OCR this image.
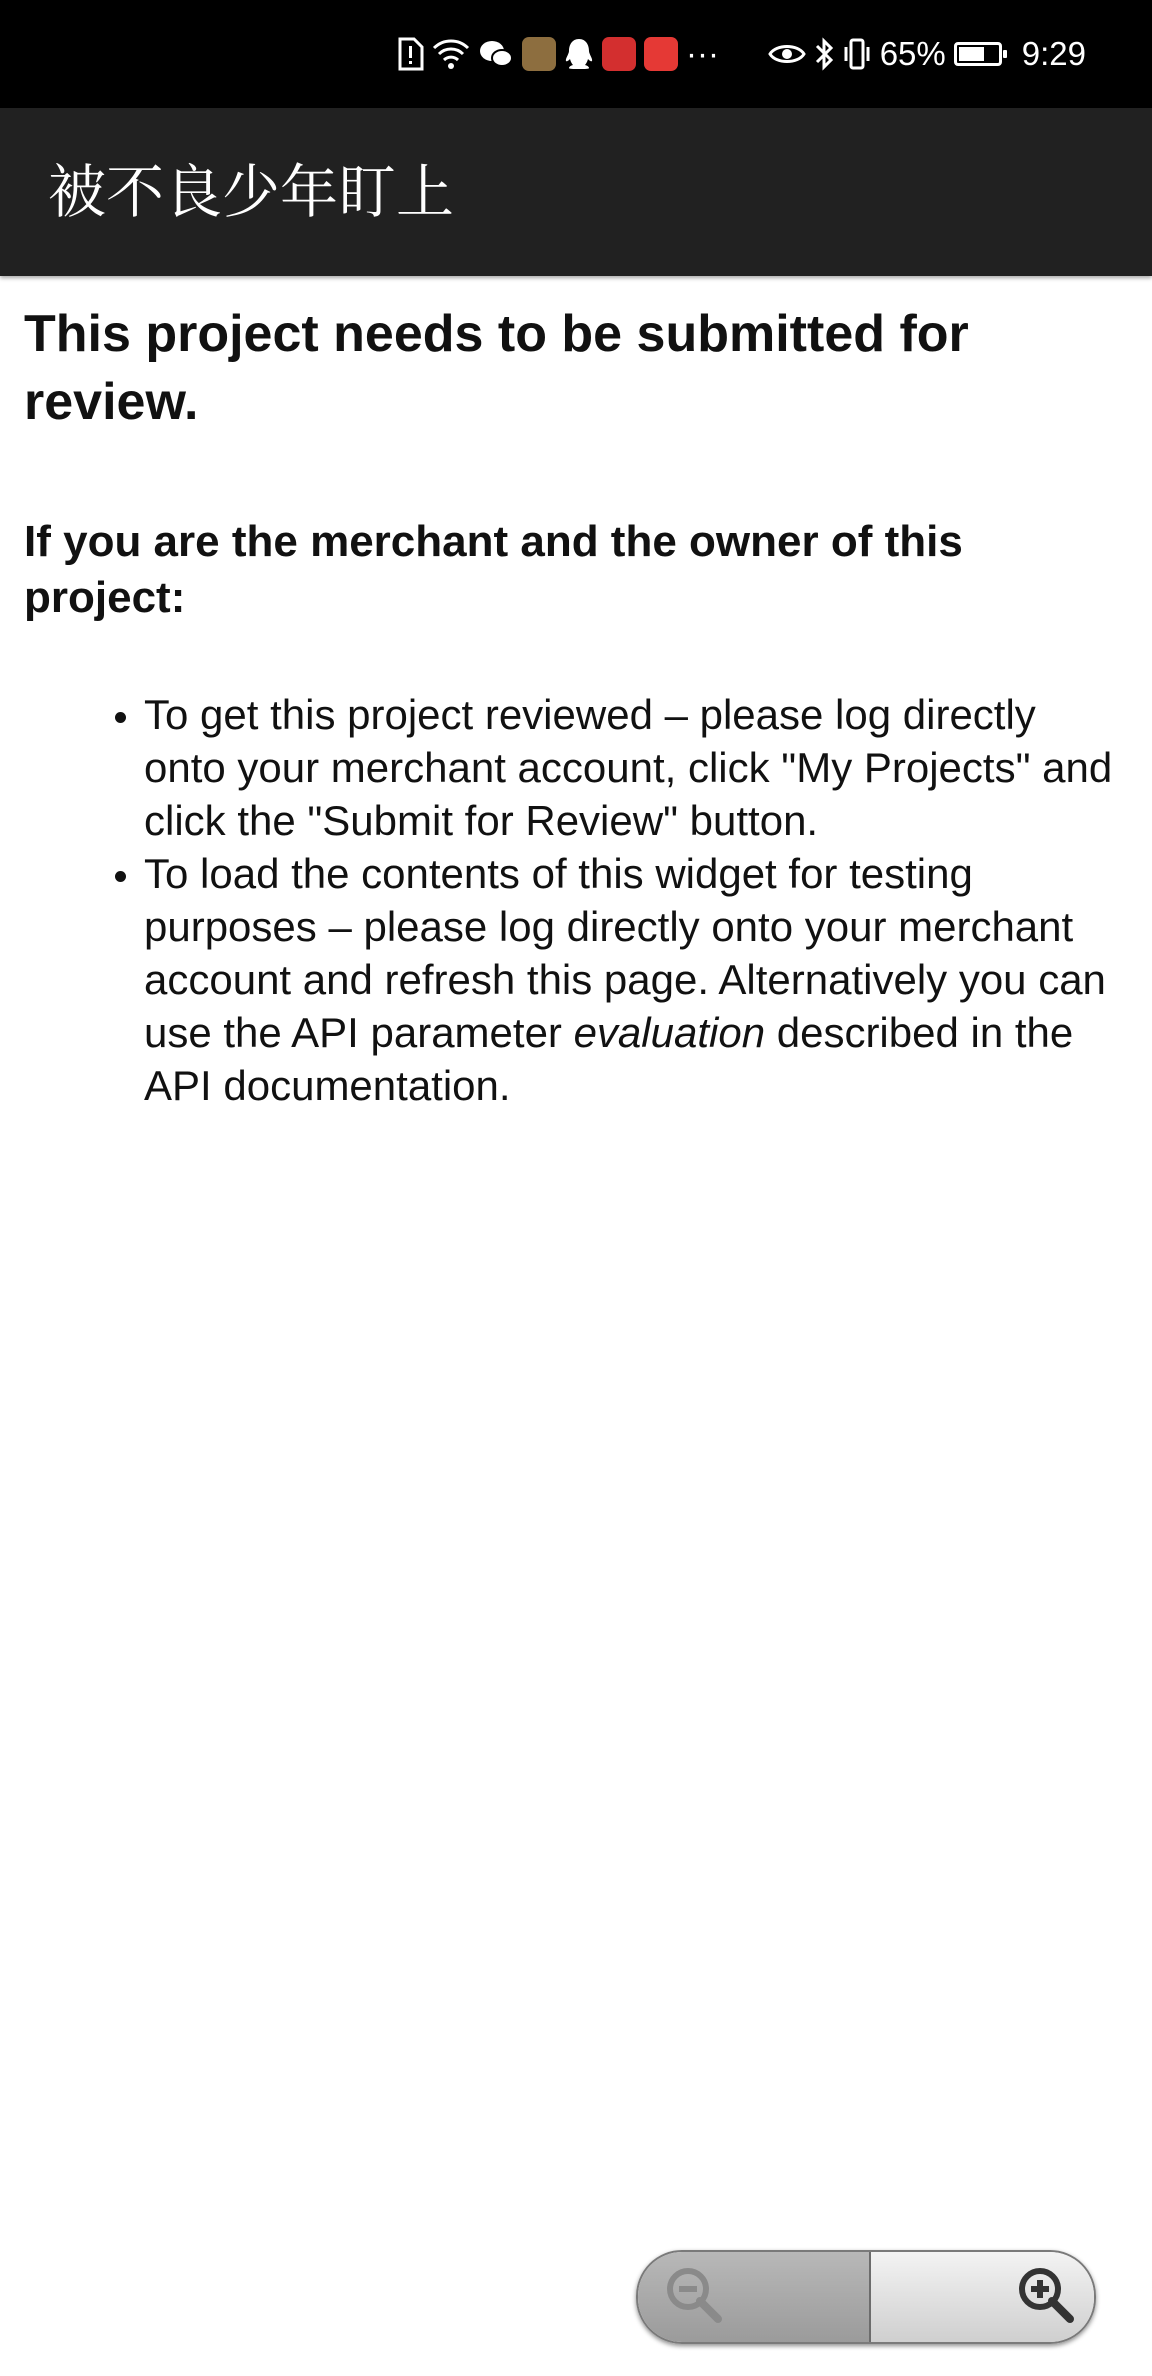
···	65% 9:29
被不良少年盯上
This project needs to be submitted for review.
If you are the merchant and the owner of this project:
• To get this project reviewed – please log directly onto your merchant account, click "My Projects" and click the "Submit for Review" button.
• To load the contents of this widget for testing purposes – please log directly onto your merchant account and refresh this page. Alternatively you can use the API parameter evaluation described in the API documentation.
